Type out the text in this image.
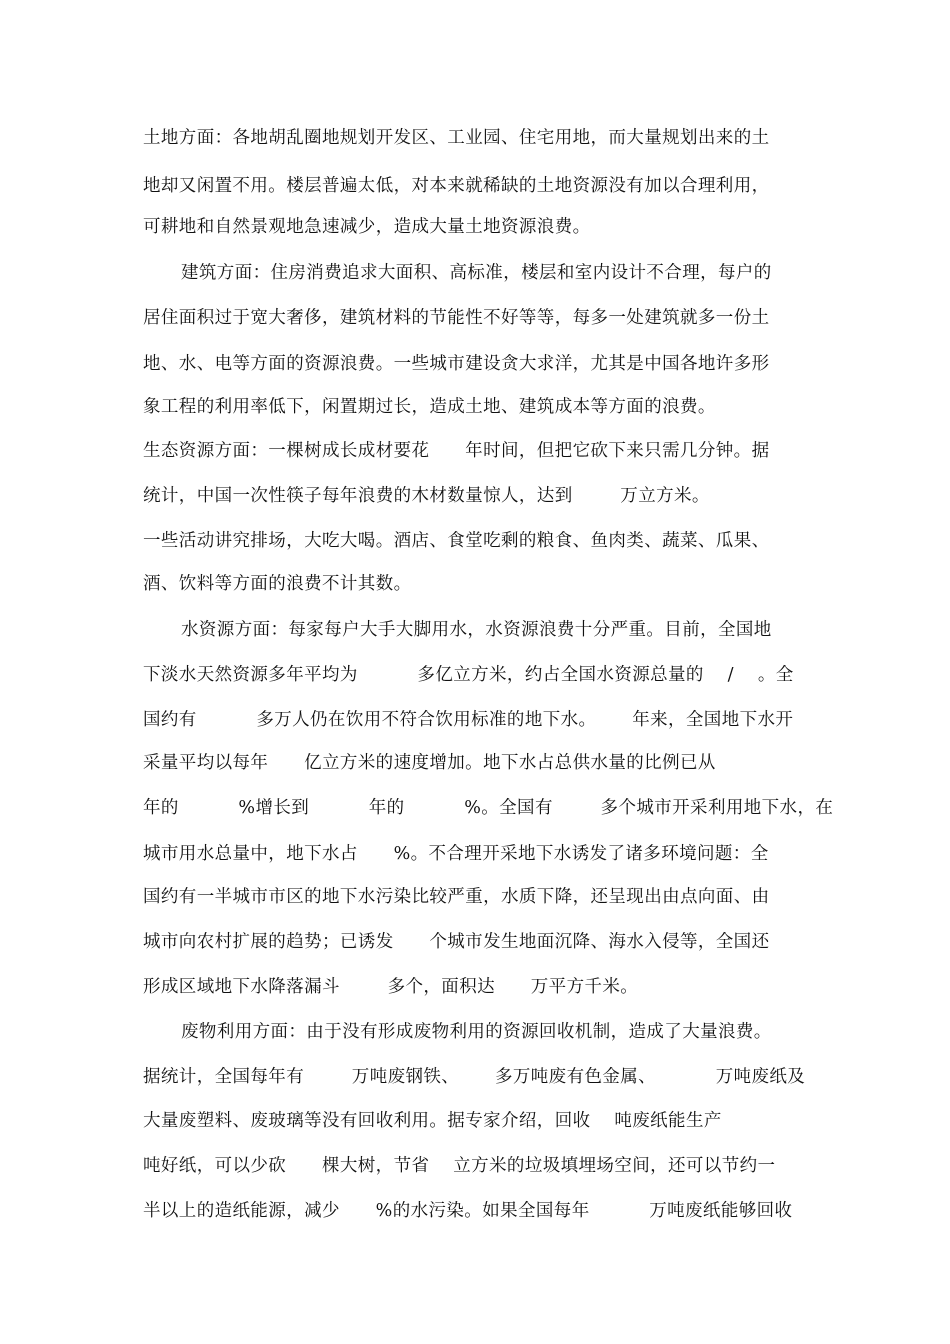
土地方面：各地胡乱圈地规划开发区、工业园、住宅用地，而大量规划出来的土
地却又闲置不用。楼层普遍太低，对本来就稀缺的土地资源没有加以合理利用，
可耕地和自然景观地急速减少，造成大量土地资源浪费。
建筑方面：住房消费追求大面积、高标准，楼层和室内设计不合理，每户的
居住面积过于宽大奢侈，建筑材料的节能性不好等等，每多一处建筑就多一份土
地、水、电等方面的资源浪费。一些城市建设贪大求洋，尤其是中国各地许多形
象工程的利用率低下，闲置期过长，造成土地、建筑成本等方面的浪费。
生态资源方面：一棵树成长成材要花      年时间，但把它砍下来只需几分钟。据
统计，中国一次性筷子每年浪费的木材数量惊人，达到        万立方米。
一些活动讲究排场，大吃大喝。酒店、食堂吃剩的粮食、鱼肉类、蔬菜、瓜果、
酒、饮料等方面的浪费不计其数。
水资源方面：每家每户大手大脚用水，水资源浪费十分严重。目前，全国地
下淡水天然资源多年平均为          多亿立方米，约占全国水资源总量的    /    。全
国约有          多万人仍在饮用不符合饮用标准的地下水。      年来，全国地下水开
采量平均以每年      亿立方米的速度增加。地下水占总供水量的比例已从
年的          %增长到          年的          %。全国有        多个城市开采利用地下水，在
城市用水总量中，地下水占      %。不合理开采地下水诱发了诸多环境问题：全
国约有一半城市市区的地下水污染比较严重，水质下降，还呈现出由点向面、由
城市向农村扩展的趋势；已诱发      个城市发生地面沉降、海水入侵等，全国还
形成区域地下水降落漏斗        多个，面积达      万平方千米。
废物利用方面：由于没有形成废物利用的资源回收机制，造成了大量浪费。
据统计，全国每年有        万吨废钢铁、      多万吨废有色金属、          万吨废纸及
大量废塑料、废玻璃等没有回收利用。据专家介绍，回收    吨废纸能生产
吨好纸，可以少砍      棵大树，节省    立方米的垃圾填埋场空间，还可以节约一
半以上的造纸能源，减少      %的水污染。如果全国每年          万吨废纸能够回收
